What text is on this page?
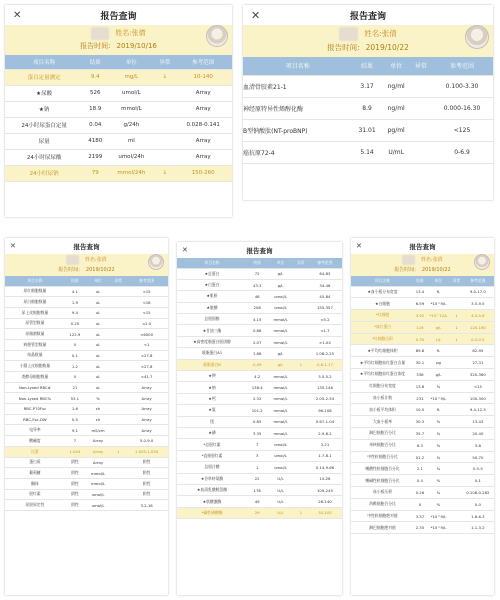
✕	报告查询
姓名:张倩
报告时间: 2019/10/16
项目名称	结果	单位	异常	参考范围
蛋白定量测定	9.4	mg/L	↓	10-140
★尿酸	526	umol/L		Array
★钠	18.9	mmol/L		Array
24小时尿蛋白定量	0.04	g/24h		0.028-0.141
尿量	4180	ml		Array
24小时尿尿酸	2199	umol/24h		Array
24小时尿钠	79	mmol/24h	↓	150-260
✕	报告查询
姓名:张倩
报告时间: 2019/10/22
项目名称	结果	单位	异常	参考范围
血清骨胶素21-1	3.17	ng/ml		0.100-3.30
神经原特异性烯醇化酶	8.9	ng/ml		0.000-16.30
B型钠酸肽(NT-proBNP)	31.01	pg/ml		<125
癌抗原72-4	5.14	U/mL		0-6.9
✕	报告查询
姓名:张倩
报告时间: 2019/10/22
项目名称	结果	单位	异常	参考范围
尿红细胞数量	4.1	uL		<15
尿白细胞数量	1.9	uL		<18
尿上皮细胞数量	9.4	uL		<15
尿管型数量	0.25	uL		<2.5
尿细菌数量	122.9	uL		<6000
病理管型数量	0	uL		<1
结晶数量	0.1	uL		<27.8
小圆上皮细胞数量	1.2	uL		<27.8
类酵母细胞数量	0	uL		<41.7
Non-Lysed RBC#	21	uL		Array
Non-Lysed RBC%	53.1	%		Array
RBC-P70Fsc	1.6	ch		Array
RBC-Fsc-DW	0.5	ch		Array
电导率	9.1	mS/cm		Array
酸碱度	7	Array		5.0-9.0
比重	1.004	Array	↓	1.005-1.030
蛋白质	阴性	Array		阴性
葡萄糖	阴性	mmol/L		阴性
酮体	阴性	mmol/L		阴性
胆红素	阴性	umol/L		阴性
尿胆原定性	阴性	umol/L		3.2-16
✕	报告查询
项目名称	结果	单位	异常	参考范围
★总蛋白	72	g/L		64-83
★白蛋白	43.3	g/L		34-48
★肌酐	46	umol/L		45-84
★胱酸	208	umol/L		155-357
总胆固醇	4.15	mmol/L		<5.2
★甘油三酯	0.88	mmol/L		<1.7
★高密度脂蛋白胆固醇	2.07	mmol/L		>1.04
载脂蛋白A1	1.88	g/L		1.08-2.25
载脂蛋白B	0.49	g/L	↓	0.6-1.17
★钾	4.2	mmol/L		3.5-5.2
★钠	136.4	mmol/L		135-148
★钙	2.32	mmol/L		2.05-2.54
★氯	101.2	mmol/L		96-108
镁	0.85	mmol/L		0.67-1.04
★磷	3.35	mmol/L		2.9-8.2
*总胆红素	7	umol/L		3-21
*直接胆红素	3	umol/L		1.7-8.1
总胆汁酸	1	umol/L		0.14-9.66
★谷草转氨酶	22	U/L		10-26
★血清乳酸脱氢酶	176	U/L		109-245
★肌酸激酶	49	U/L		26-140
*碱性磷酸酶	29	U/L	↓	35-105
✕	报告查询
姓名:张倩
报告时间: 2019/10/22
项目名称	结果	单位	异常	参考范围
★血小板分布宽度	13.4	fL		9.0-17.0
★白细胞	6.59	*10^9/L		3.5-9.5
*红细胞	3.92	*10^12/L	↓	4.0-5.8
*血红蛋白	116	g/L	↓	120-160
*红细胞压积	0.35	L/L	↓	0.4-0.5
★平均红细胞体积	89.8	fL		82-95
★平均红细胞血红蛋白含量	30.1	pg		27-31
★平均红细胞血红蛋白浓度	336	g/L		320-360
红细胞分布宽度	13.6	%		<15
血小板计数	231	*10^9/L		100-300
血小板平均体积	10.5	fL		9.4-12.5
大血小板率	30.3	%		13-43
淋巴细胞百分比	35.7	%		20-40
单核细胞百分比	6.3	%		3-8
中性粒细胞百分比	51.2	%		50-70
嗜酸性粒细胞百分比	2.1	%		0.5-5
嗜碱性粒细胞百分比	0.4	%		0-1
血小板压积	0.26	%		0.108-0.282
幼稚细胞百分比	0	%		0-0
中性粒细胞绝对值	3.37	*10^9/L		1.8-6.3
淋巴细胞绝对值	2.35	*10^9/L		1.1-3.2
